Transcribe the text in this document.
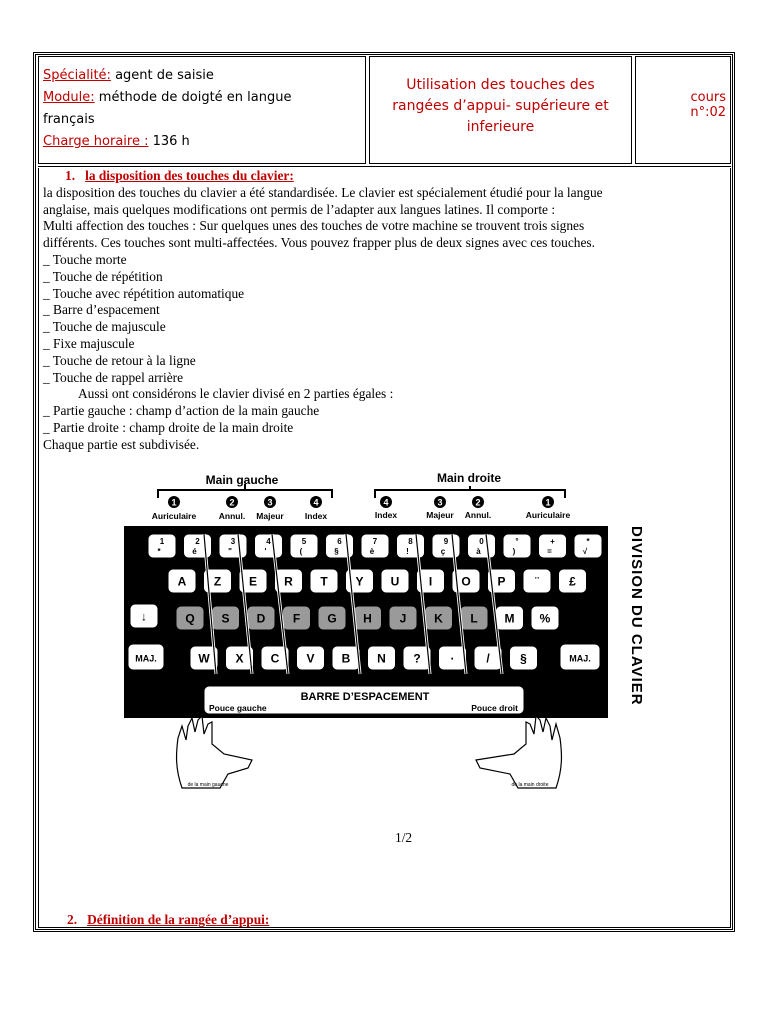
Spécialité: agent de saisie
Module: méthode de doigté en langue
français
Charge horaire : 136 h
Utilisation des touches des
rangées d’appui- supérieure et
inferieure
cours
n°:02
1. la disposition des touches du clavier:
la disposition des touches du clavier a été standardisée. Le clavier est spécialement étudié pour la langue
anglaise, mais quelques modifications ont permis de l’adapter aux langues latines. Il comporte :
Multi affection des touches : Sur quelques unes des touches de votre machine se trouvent trois signes
différents. Ces touches sont multi-affectées. Vous pouvez frapper plus de deux signes avec ces touches.
_ Touche morte
_ Touche de répétition
_ Touche avec répétition automatique
_ Barre d’espacement
_ Touche de majuscule
_ Fixe majuscule
_ Touche de retour à la ligne
_ Touche de rappel arrière
Aussi ont considérons le clavier divisé en 2 parties égales :
_ Partie gauche : champ d’action de la main gauche
_ Partie droite : champ droite de la main droite
Chaque partie est subdivisée.
Main gauche	Main droite
1
Auriculaire
2
Annul.
3
Majeur
4
Index
4
Index
3
Majeur
2
Annul.
1
Auriculaire
1
*
2
é
3
"
4
'
5
(
6
§
7
è
8
!
9
ç
0
à
°
)
+
=
*
√
A Z E R T Y U I O P ¨	£
↓	Q S D F G H J K L M %
MAJ.	W X C V B N ? ·	/	§	MAJ.
BARRE D’ESPACEMENT
Pouce gauche	Pouce droit
DIVISION DU CLAVIER
de la main gauche	de la main droite
1/2
2. Définition de la rangée d’appui:
